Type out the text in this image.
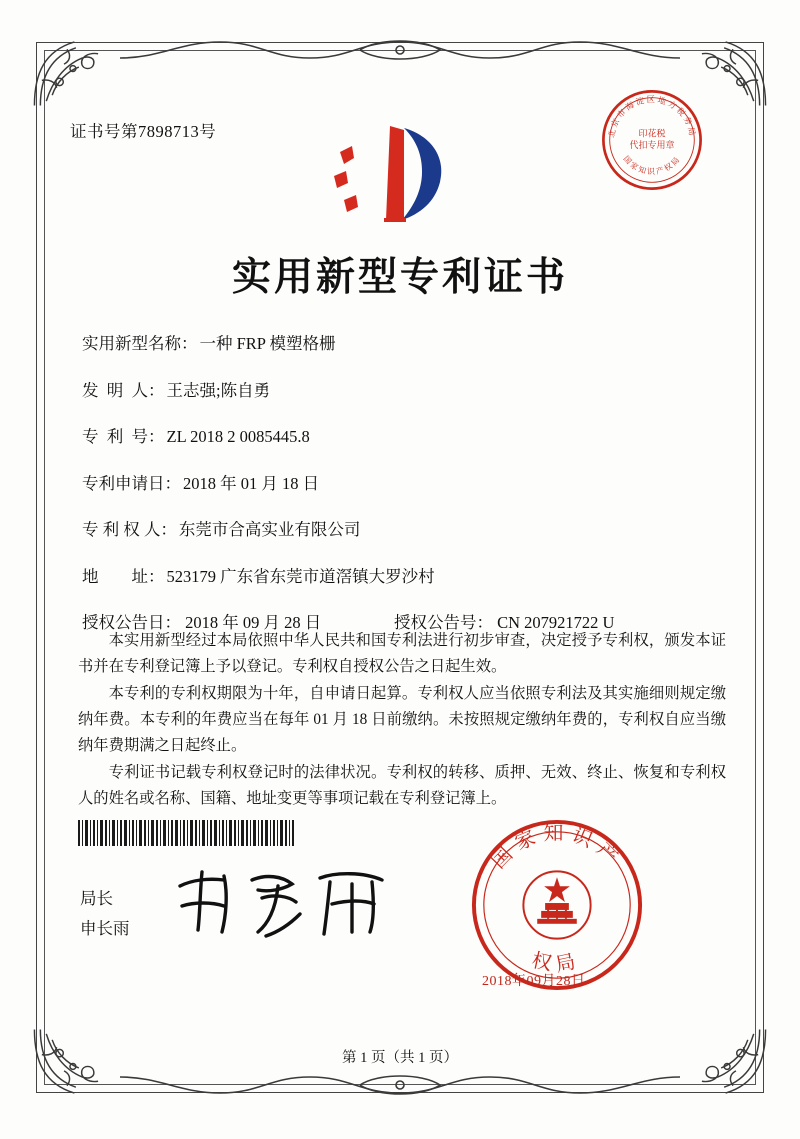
证书号第7898713号	北京市海淀区地方税务局
国家知识产权局
印花税
代扣专用章
实用新型专利证书
实用新型名称： 一种 FRP 模塑格栅
发  明  人： 王志强;陈自勇
专  利  号： ZL 2018 2 0085445.8
专利申请日： 2018 年 01 月 18 日
专 利 权 人： 东莞市合高实业有限公司
地        址： 523179 广东省东莞市道滘镇大罗沙村
授权公告日： 2018 年 09 月 28 日	授权公告号： CN 207921722 U

本实用新型经过本局依照中华人民共和国专利法进行初步审查，决定授予专利权，颁发本证书并在专利登记簿上予以登记。专利权自授权公告之日起生效。

本专利的专利权期限为十年，自申请日起算。专利权人应当依照专利法及其实施细则规定缴纳年费。本专利的年费应当在每年 01 月 18 日前缴纳。未按照规定缴纳年费的，专利权自应当缴纳年费期满之日起终止。

专利证书记载专利权登记时的法律状况。专利权的转移、质押、无效、终止、恢复和专利权人的姓名或名称、国籍、地址变更等事项记载在专利登记簿上。

局长
申长雨
国家知识产
权局
2018年09月28日
第 1 页（共 1 页）
